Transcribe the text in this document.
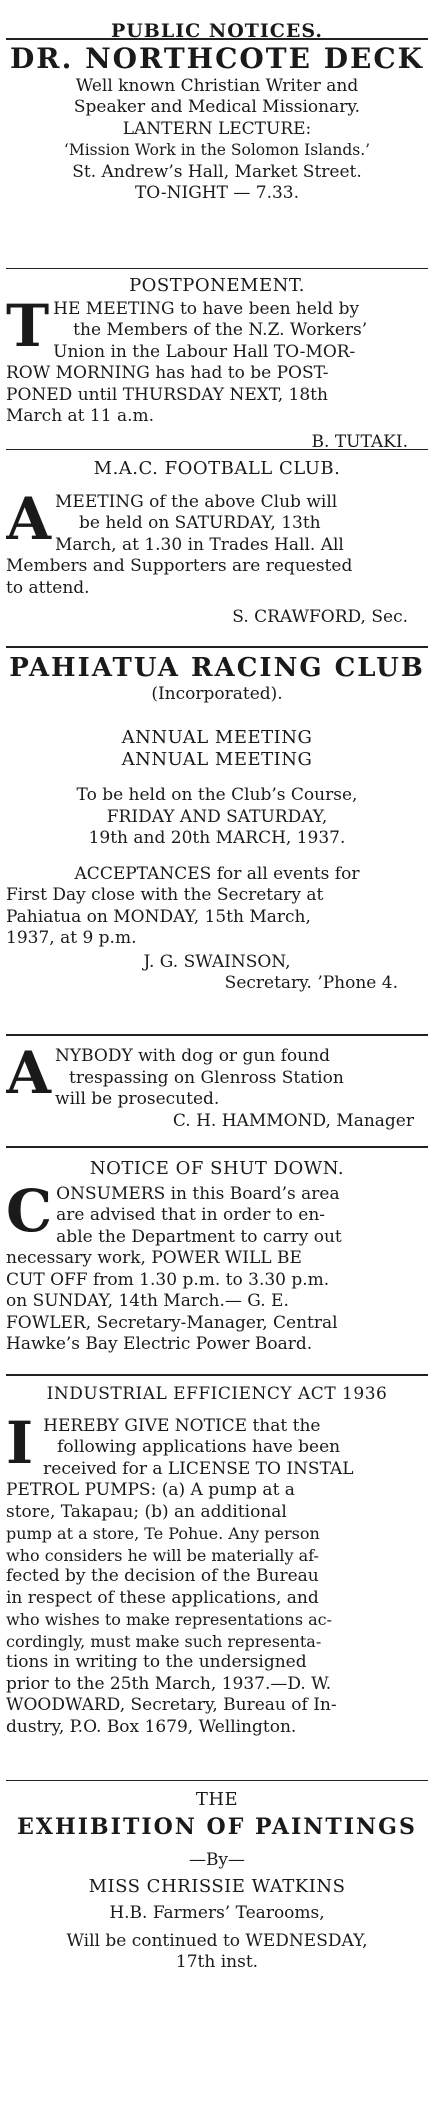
PUBLIC NOTICES.
DR. NORTHCOTE DECK
Well known Christian Writer and
Speaker and Medical Missionary.
LANTERN LECTURE:
‘Mission Work in the Solomon Islands.’
St. Andrew’s Hall, Market Street.
TO-NIGHT — 7.33.
POSTPONEMENT.
T HE MEETING to have been held by
the Members of the N.Z. Workers’
Union in the Labour Hall TO-MOR-
ROW MORNING has had to be POST-
PONED until THURSDAY NEXT, 18th
March at 11 a.m.
B. TUTAKI.
M.A.C. FOOTBALL CLUB.
A MEETING of the above Club will
be held on SATURDAY, 13th
March, at 1.30 in Trades Hall. All
Members and Supporters are requested
to attend.
S. CRAWFORD, Sec.
PAHIATUA RACING CLUB
(Incorporated).
ANNUAL MEETING
ANNUAL MEETING
To be held on the Club’s Course,
FRIDAY AND SATURDAY,
19th and 20th MARCH, 1937.
ACCEPTANCES for all events for
First Day close with the Secretary at
Pahiatua on MONDAY, 15th March,
1937, at 9 p.m.
J. G. SWAINSON,
Secretary. ’Phone 4.
A NYBODY with dog or gun found
trespassing on Glenross Station
will be prosecuted.
C. H. HAMMOND, Manager
NOTICE OF SHUT DOWN.
C ONSUMERS in this Board’s area
are advised that in order to en-
able the Department to carry out
necessary work, POWER WILL BE
CUT OFF from 1.30 p.m. to 3.30 p.m.
on SUNDAY, 14th March.— G. E.
FOWLER, Secretary-Manager, Central
Hawke’s Bay Electric Power Board.
INDUSTRIAL EFFICIENCY ACT 1936
I HEREBY GIVE NOTICE that the
following applications have been
received for a LICENSE TO INSTAL
PETROL PUMPS: (a) A pump at a
store, Takapau; (b) an additional
pump at a store, Te Pohue. Any person
who considers he will be materially af-
fected by the decision of the Bureau
in respect of these applications, and
who wishes to make representations ac-
cordingly, must make such representa-
tions in writing to the undersigned
prior to the 25th March, 1937.—D. W.
WOODWARD, Secretary, Bureau of In-
dustry, P.O. Box 1679, Wellington.
THE
EXHIBITION OF PAINTINGS
—By—
MISS CHRISSIE WATKINS
H.B. Farmers’ Tearooms,
Will be continued to WEDNESDAY,
17th inst.
